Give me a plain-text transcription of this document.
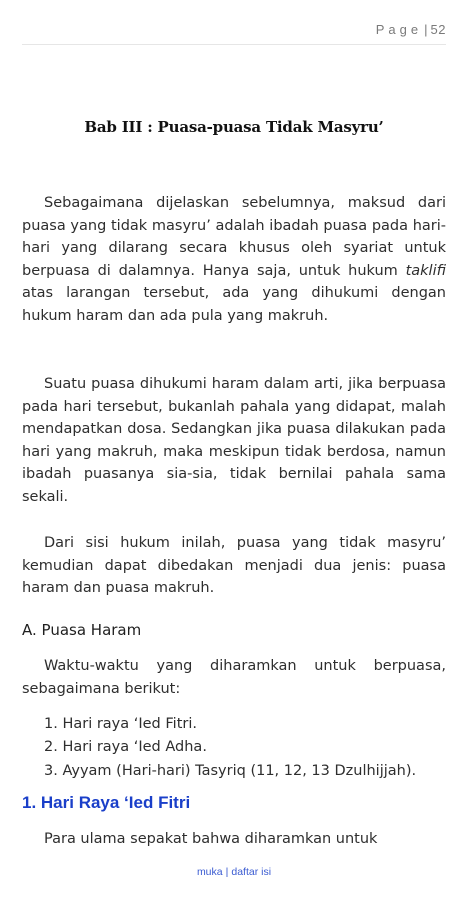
Page | 52
Bab III : Puasa-puasa Tidak Masyru’

Sebagaimana dijelaskan sebelumnya, maksud dari puasa yang tidak masyru’ adalah ibadah puasa pada hari-hari yang dilarang secara khusus oleh syariat untuk berpuasa di dalamnya. Hanya saja, untuk hukum taklifi atas larangan tersebut, ada yang dihukumi dengan hukum haram dan ada pula yang makruh.

Suatu puasa dihukumi haram dalam arti, jika berpuasa pada hari tersebut, bukanlah pahala yang didapat, malah mendapatkan dosa. Sedangkan jika puasa dilakukan pada hari yang makruh, maka meskipun tidak berdosa, namun ibadah puasanya sia-sia, tidak bernilai pahala sama sekali.

Dari sisi hukum inilah, puasa yang tidak masyru’ kemudian dapat dibedakan menjadi dua jenis: puasa haram dan puasa makruh.

A. Puasa Haram

Waktu-waktu yang diharamkan untuk berpuasa, sebagaimana berikut:

1. Hari raya ‘Ied Fitri.
2. Hari raya ‘Ied Adha.
3. Ayyam (Hari-hari) Tasyriq (11, 12, 13 Dzulhijjah).
1. Hari Raya ‘Ied Fitri

Para ulama sepakat bahwa diharamkan untuk

muka | daftar isi
